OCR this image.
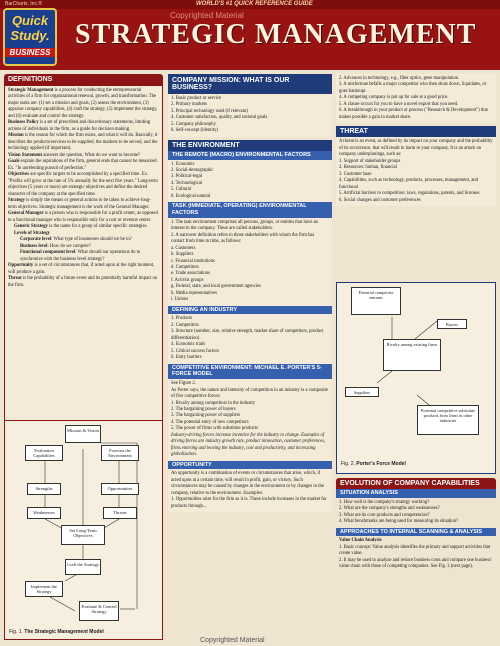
BarCharts, Inc.®	WORLD'S #1 QUICK REFERENCE GUIDE
Quick
Study.
BUSINESS
Copyrighted Material
STRATEGIC MANAGEMENT
DEFINITIONS
Strategic Management is a process for conducting the entrepreneurial activities of a firm for organizational renewal, growth, and transformation. The major tasks are: (1) set a mission and goals, (2) assess the environment, (3) appraise company capabilities, (4) craft the strategy, (5) implement the strategy, and (6) evaluate and control the strategy.
Business Policy is a set of prescribed and discretionary statements, limiting actions of individuals in the firm, as a guide for decision making.
Mission is the reason for which the firm exists, and what it will do. Basically, it describes the products/services to be supplied, the markets to be served, and the technology applied (if important).
Vision Statement answers the question, What do we want to become?
Goals explain the aspirations of the firm, general ends that cannot be measured. Ex. "In unrelenting pursuit of perfection."
Objectives are specific targets to be accomplished by a specified time. Ex. "Profits will grow at the rate of 5% annually for the next five years." Long-term objectives (5 years or more) are strategic objectives and define the desired character of the company at the specified time.
Strategy is simply the means or general actions to be taken to achieve long-term objectives. Strategic management is the work of the General Manager.
General Manager is a person who is responsible for a profit center, as opposed to a functional manager who is responsible only for a cost or revenue center.
Generic Strategy is the name for a group of similar specific strategies.
Levels of Strategy
Corporate level: What type of businesses should we be in?
Business level: How do we compete?
Functional component level: What should our operations do to synchronize with the business level strategy?
Opportunity is a set of circumstances that, if acted upon at the right moment, will produce a gain.
Threat is the probability of a future event and its potentially harmful impact on the firm.
Mission & Vision
Evaluation Capabilities
Forecast the Environment
Strengths	Opportunities
Weaknesses	Threats
Set Long-Term Objectives
Craft the Strategy
Implement the Strategy
Evaluate & Control Strategy
Fig. 1. The Strategic Management Model
COMPANY MISSION: WHAT IS OUR BUSINESS?
1. Basic product or service
2. Primary markets
3. Principal technology used (if relevant)
4. Customer satisfaction, quality, and societal goals
5. Company philosophy
6. Self-concept (identity)
THE ENVIRONMENT
THE REMOTE (MACRO) ENVIRONMENTAL FACTORS
1. Economic
2. Social-demographic
3. Political-legal
4. Technological
5. Cultural
6. Ecological-natural
TASK (IMMEDIATE, OPERATING) ENVIRONMENTAL FACTORS
1. The task environment comprises all persons, groups, or entities that have an interest in the company. These are called stakeholders.
2. A narrower definition refers to those stakeholders with whom the firm has contact from time to time, as follows:
a. Customers
b. Suppliers
c. Financial institutions
d. Competitors
e. Trade associations
f. Activist groups
g. Federal, state, and local government agencies
h. Media representatives
i. Unions
DEFINING AN INDUSTRY
1. Products
2. Competitors
3. Structure (number, size, relative strength, market share of competitors, product differentiation)
4. Economic traits
5. Critical success factors
6. Entry barriers
COMPETITIVE ENVIRONMENT: MICHAEL E. PORTER'S 5-FORCE MODEL
See Figure 2.
As Porter says, the nature and intensity of competition in an industry is a composite of five competitive forces:
1. Rivalry among competitors in the industry
2. The bargaining power of buyers
3. The bargaining power of suppliers
4. The potential entry of new competitors
5. The power of firms with substitute products
Industry-driving forces increase incentive for the industry to change. Examples of driving forces are industry growth rate, product innovation, customer preferences, firms entering and leaving the industry, cost and productivity, and increasing globalization.
OPPORTUNITY
An opportunity is a combination of events or circumstances that arise, which, if acted upon at a certain time, will result in profit, gain, or victory. Such circumstances may be caused by changes in the environment or by changes in the company, relative to the environment. Examples:
1. Opportunities arise for the firm as it is. These include increases in the market for products through...
2. Advances in technology, e.g., fiber optics, gene manipulation.
3. A misfortune befalls a major competitor who then shuts down, liquidates, or goes bankrupt.
4. A competing company is put up for sale at a good price.
5. A clause occurs for you to have a novel export that you need.
6. A breakthrough in your product or process ("Research & Development") that makes possible a gain in market share.
THREAT
A threat is an event, as defined by its impact on your company and the probability of its occurrence, that will result in harm to your company. It is an attack on company underpinnings, such as:
1. Support of stakeholder groups
2. Resources: human, financial
3. Customer base
4. Capabilities, such as technology, products, processes, management, and functional
5. Artificial barriers to competition: laws, regulations, patents, and licenses
6. Social changes and customer preferences
Potential competitor entrants
Buyers
Rivalry among existing firms
Suppliers
Potential competitive substitute products from firms in other industries
Fig. 2. Porter's Force Model
EVOLUTION OF COMPANY CAPABILITIES
SITUATION ANALYSIS
1. How well is the company's strategy working?
2. What are the company's strengths and weaknesses?
3. What are its core products and competencies?
4. What benchmarks are being used for measuring its situation?
APPROACHES TO INTERNAL SCANNING & ANALYSIS
Value Chain Analysis
1. Basic concept: Value analysis identifies the primary and support activities that create value.
2. It may be used to analyze and reduce business costs and compare one business' value chain with those of competing companies. See Fig. 3 (next page).
Copyrighted Material
